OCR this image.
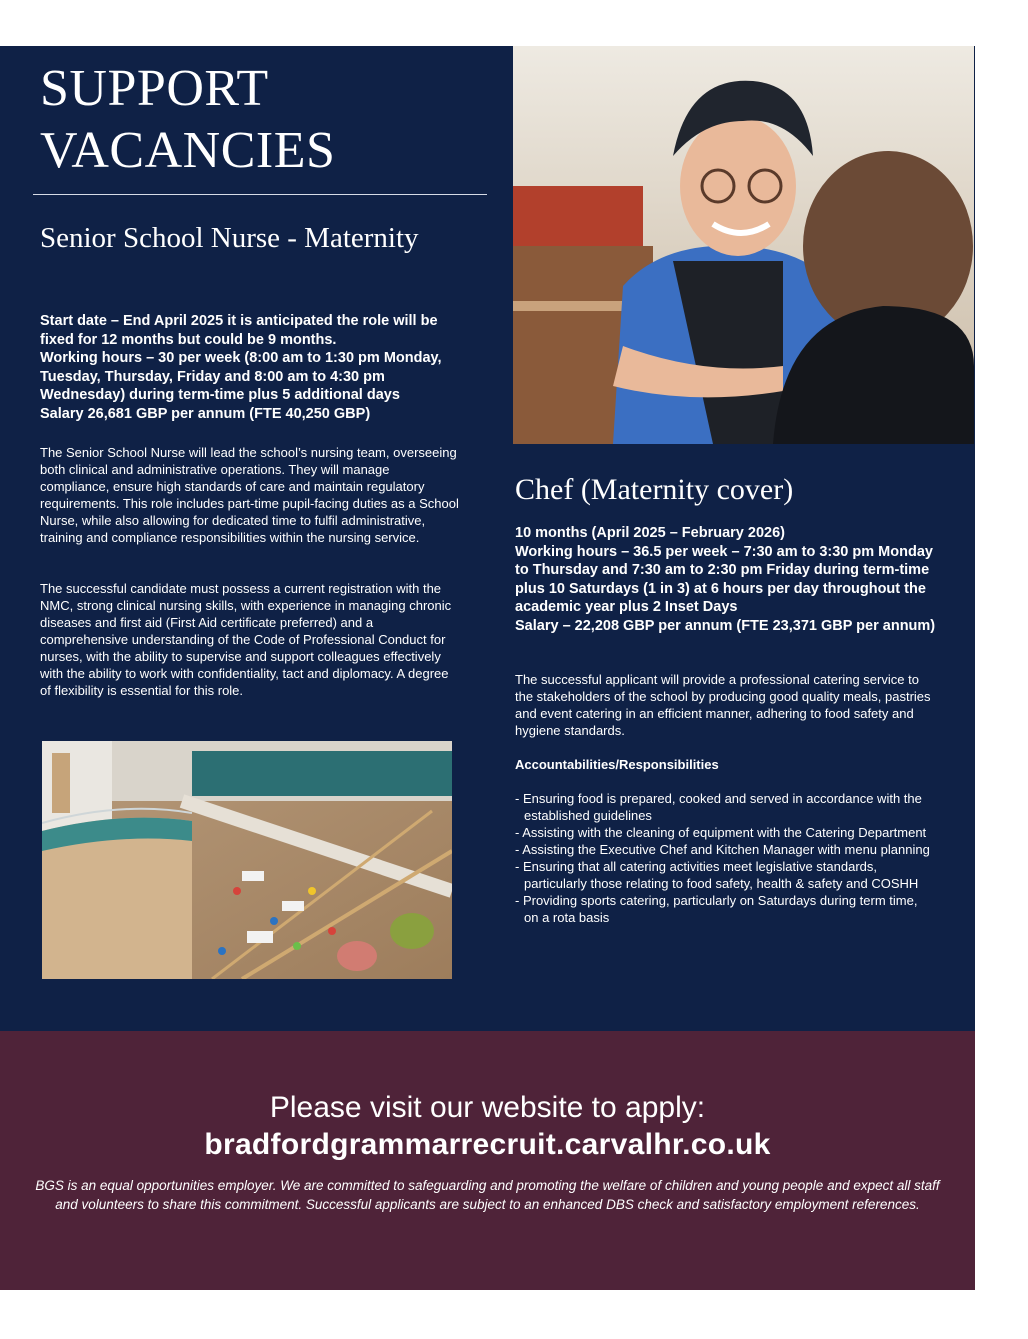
SUPPORT VACANCIES
Senior School Nurse - Maternity
Start date – End April 2025 it is anticipated the role will be fixed for 12 months but could be 9 months.
Working hours – 30 per week (8:00 am to 1:30 pm Monday, Tuesday, Thursday, Friday and 8:00 am to 4:30 pm Wednesday) during term-time plus 5 additional days
Salary 26,681 GBP per annum (FTE 40,250 GBP)

The Senior School Nurse will lead the school’s nursing team, overseeing both clinical and administrative operations. They will manage compliance, ensure high standards of care and maintain regulatory requirements. This role includes part-time pupil-facing duties as a School Nurse, while also allowing for dedicated time to fulfil administrative, training and compliance responsibilities within the nursing service.

The successful candidate must possess a current registration with the NMC, strong clinical nursing skills, with experience in managing chronic diseases and first aid (First Aid certificate preferred) and a comprehensive understanding of the Code of Professional Conduct for nurses, with the ability to supervise and support colleagues effectively with the ability to work with confidentiality, tact and diplomacy. A degree of flexibility is essential for this role.

Chef (Maternity cover)
10 months (April 2025 – February 2026)
Working hours – 36.5 per week – 7:30 am to 3:30 pm Monday to Thursday and 7:30 am to 2:30 pm Friday during term-time plus 10 Saturdays (1 in 3) at 6 hours per day throughout the academic year plus 2 Inset Days
Salary – 22,208 GBP per annum (FTE 23,371 GBP per annum)

The successful applicant will provide a professional catering service to the stakeholders of the school by producing good quality meals, pastries and event catering in an efficient manner, adhering to food safety and hygiene standards.

Accountabilities/Responsibilities

- Ensuring food is prepared, cooked and served in accordance with the established guidelines
- Assisting with the cleaning of equipment with the Catering Department
- Assisting the Executive Chef and Kitchen Manager with menu planning
- Ensuring that all catering activities meet legislative standards, particularly those relating to food safety, health & safety and COSHH
- Providing sports catering, particularly on Saturdays during term time, on a rota basis

Please visit our website to apply:

bradfordgrammarrecruit.carvalhr.co.uk

BGS is an equal opportunities employer. We are committed to safeguarding and promoting the welfare of children and young people and expect all staff and volunteers to share this commitment. Successful applicants are subject to an enhanced DBS check and satisfactory employment references.
